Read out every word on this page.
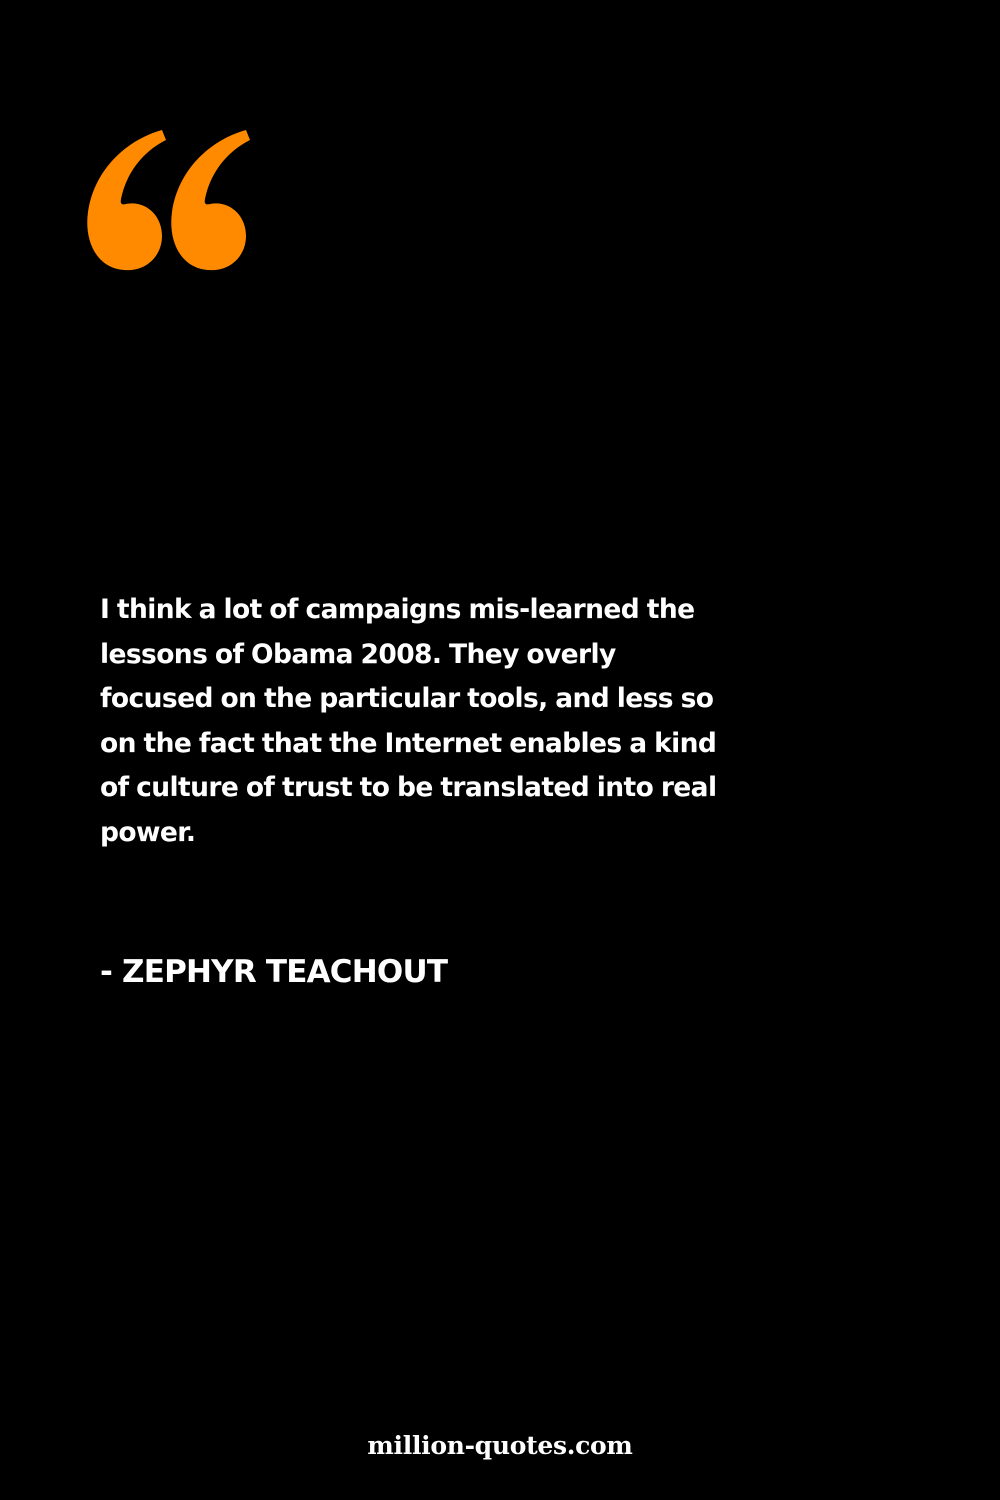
I think a lot of campaigns mis-learned the
lessons of Obama 2008. They overly
focused on the particular tools, and less so
on the fact that the Internet enables a kind
of culture of trust to be translated into real
power.

- ZEPHYR TEACHOUT

million-quotes.com
